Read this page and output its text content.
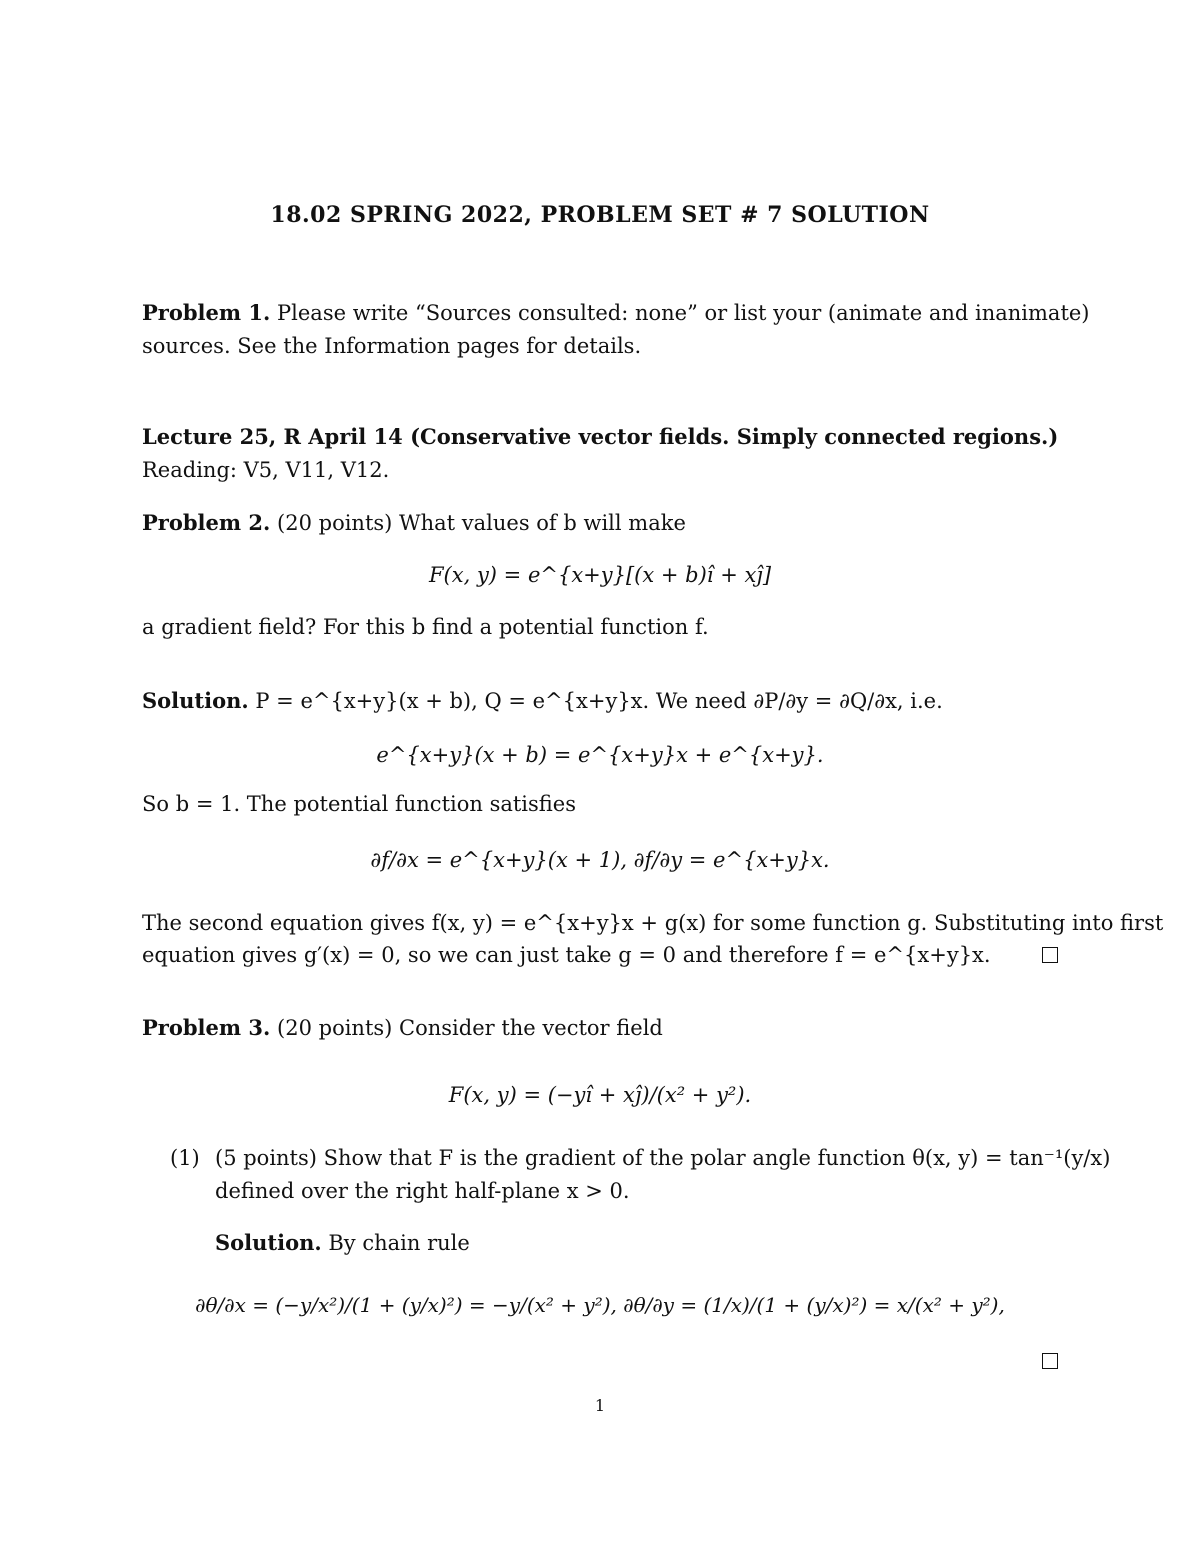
18.02 SPRING 2022, PROBLEM SET # 7 SOLUTION
Problem 1. Please write “Sources consulted: none” or list your (animate and inanimate)
sources. See the Information pages for details.
Lecture 25, R April 14 (Conservative vector fields. Simply connected regions.)
Reading: V5, V11, V12.
Problem 2. (20 points) What values of b will make
F(x, y) = e^{x+y}[(x + b)î + xĵ]
a gradient field? For this b find a potential function f.
Solution. P = e^{x+y}(x + b), Q = e^{x+y}x. We need ∂P/∂y = ∂Q/∂x, i.e.
e^{x+y}(x + b) = e^{x+y}x + e^{x+y}.
So b = 1. The potential function satisfies
∂f/∂x = e^{x+y}(x + 1), ∂f/∂y = e^{x+y}x.
The second equation gives f(x, y) = e^{x+y}x + g(x) for some function g. Substituting into first
equation gives g′(x) = 0, so we can just take g = 0 and therefore f = e^{x+y}x.
Problem 3. (20 points) Consider the vector field
F(x, y) = (−yî + xĵ)/(x² + y²).
(1) (5 points) Show that F is the gradient of the polar angle function θ(x, y) = tan⁻¹(y/x)
defined over the right half-plane x > 0.
Solution. By chain rule
∂θ/∂x = (−y/x²)/(1 + (y/x)²) = −y/(x² + y²), ∂θ/∂y = (1/x)/(1 + (y/x)²) = x/(x² + y²),
1
